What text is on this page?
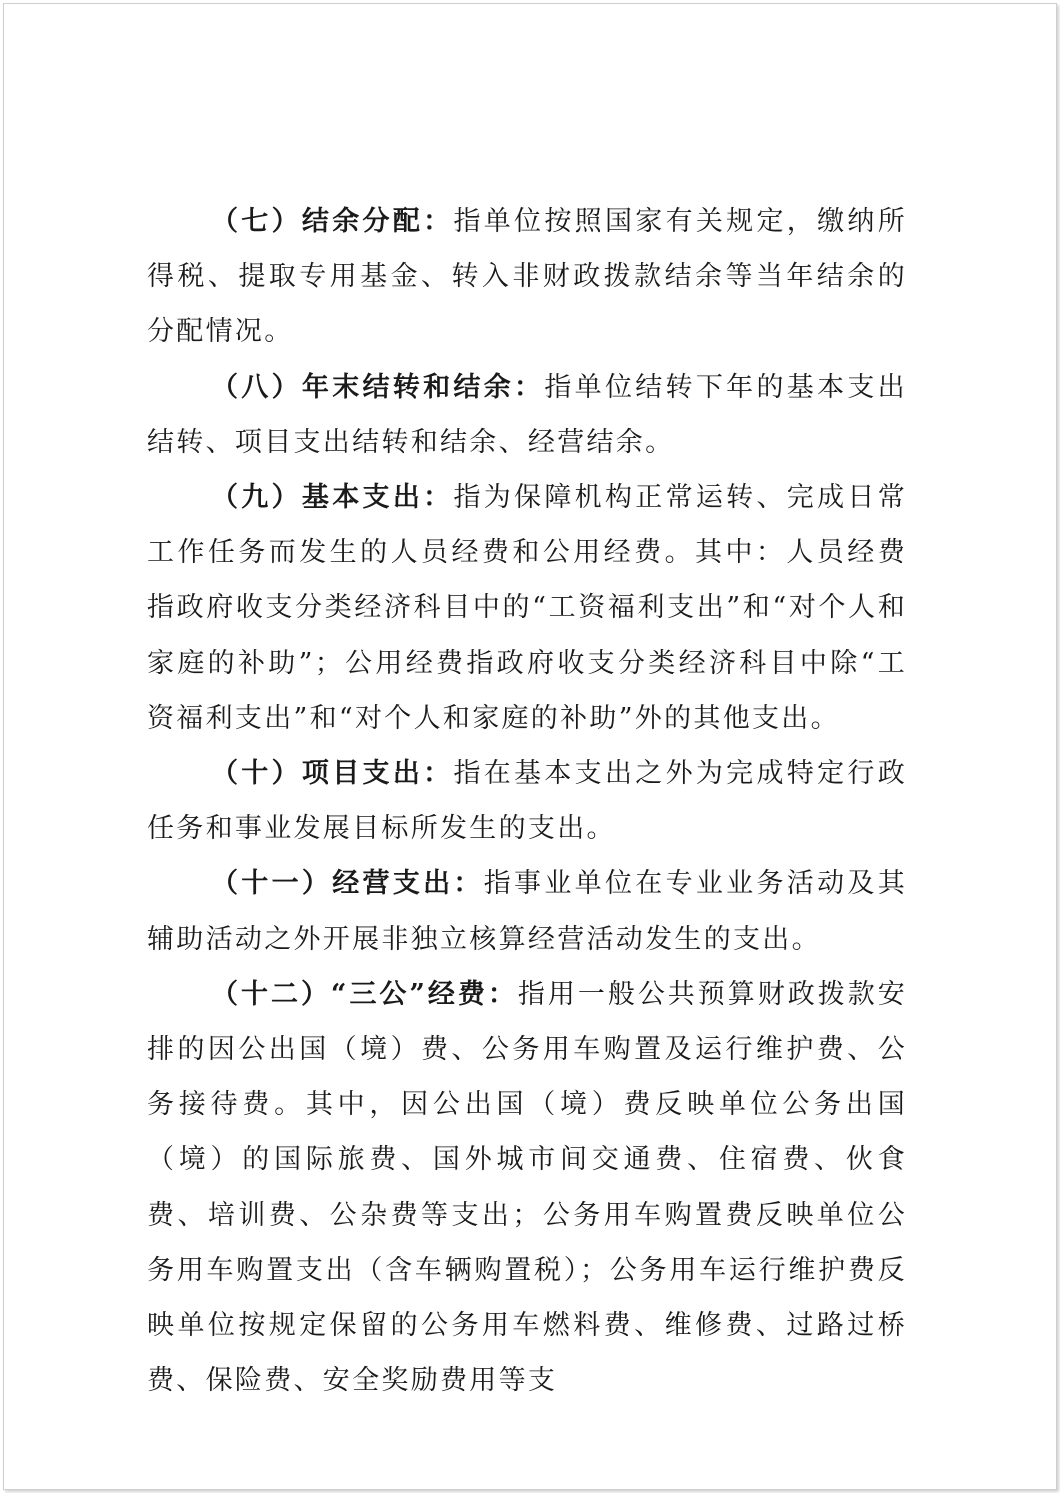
（七）结余分配：指单位按照国家有关规定，缴纳所得税、提取专用基金、转入非财政拨款结余等当年结余的分配情况。

（八）年末结转和结余：指单位结转下年的基本支出结转、项目支出结转和结余、经营结余。

（九）基本支出：指为保障机构正常运转、完成日常工作任务而发生的人员经费和公用经费。其中：人员经费指政府收支分类经济科目中的“工资福利支出”和“对个人和家庭的补助”；公用经费指政府收支分类经济科目中除“工资福利支出”和“对个人和家庭的补助”外的其他支出。

（十）项目支出：指在基本支出之外为完成特定行政任务和事业发展目标所发生的支出。

（十一）经营支出：指事业单位在专业业务活动及其辅助活动之外开展非独立核算经营活动发生的支出。

（十二）“三公”经费：指用一般公共预算财政拨款安排的因公出国（境）费、公务用车购置及运行维护费、公务接待费。其中，因公出国（境）费反映单位公务出国（境）的国际旅费、国外城市间交通费、住宿费、伙食费、培训费、公杂费等支出；公务用车购置费反映单位公务用车购置支出（含车辆购置税）；公务用车运行维护费反映单位按规定保留的公务用车燃料费、维修费、过路过桥费、保险费、安全奖励费用等支
